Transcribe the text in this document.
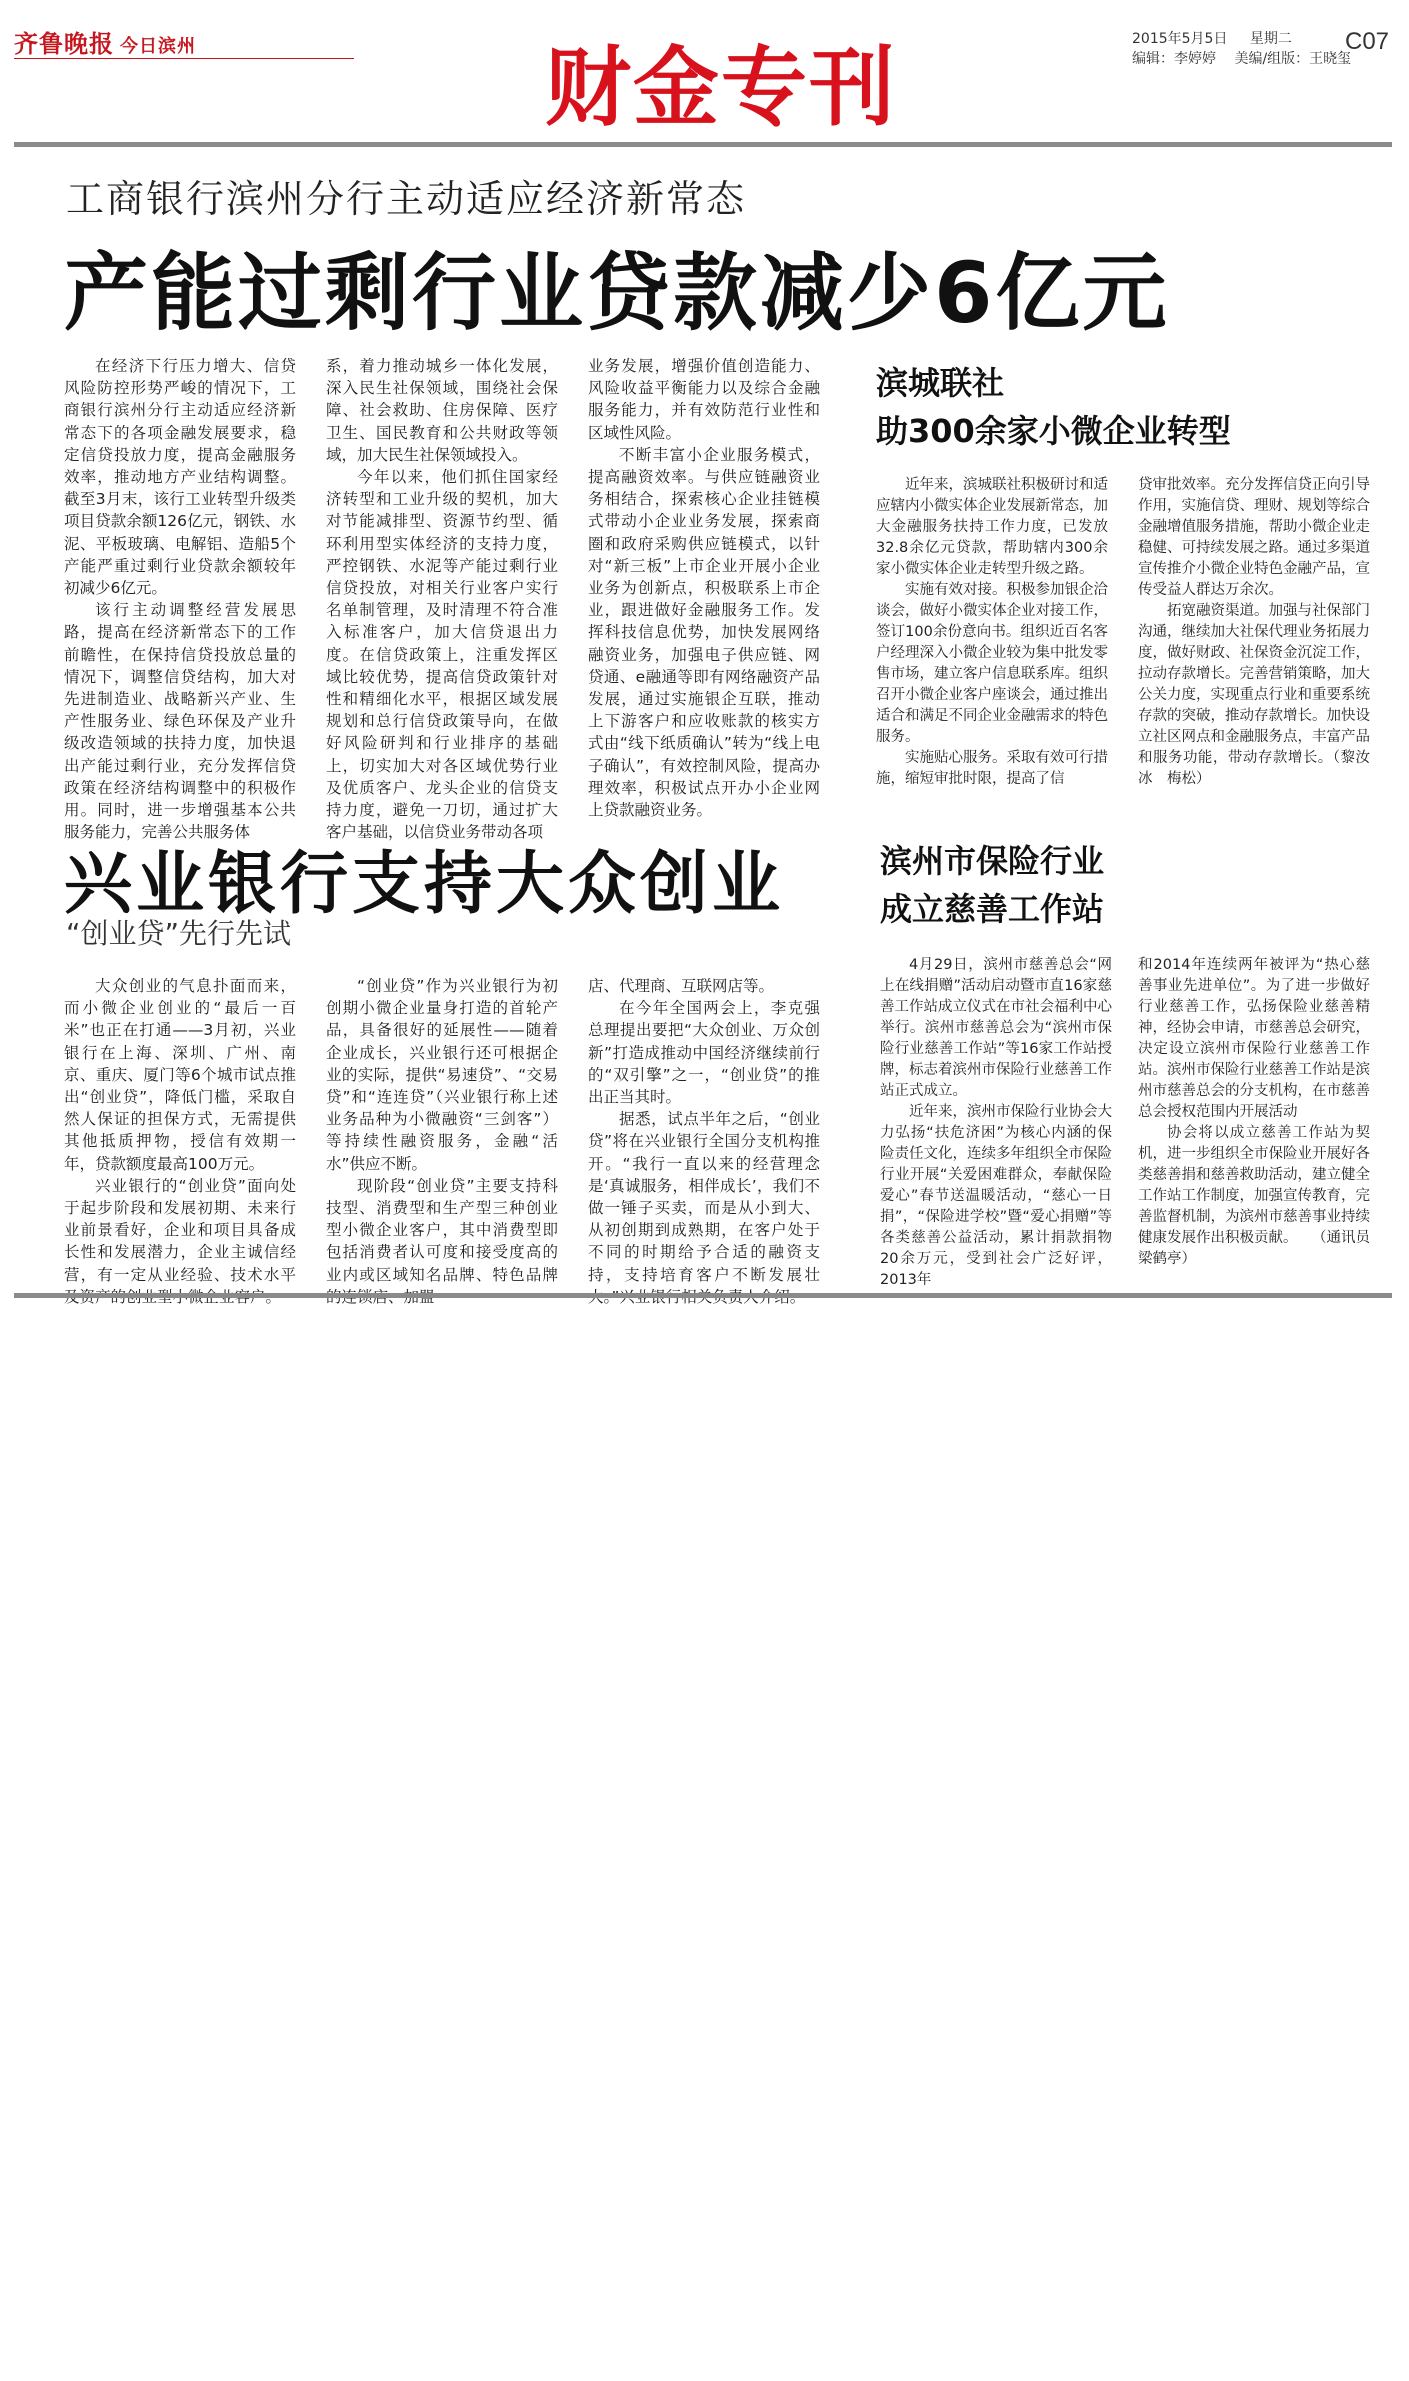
齐鲁晚报 今日滨州	财金专刊	2015年5月5日 星期二 C07
编辑：李婷婷 美编/组版：王晓玺
工商银行滨州分行主动适应经济新常态
产能过剩行业贷款减少6亿元

在经济下行压力增大、信贷风险防控形势严峻的情况下，工商银行滨州分行主动适应经济新常态下的各项金融发展要求，稳定信贷投放力度，提高金融服务效率，推动地方产业结构调整。截至3月末，该行工业转型升级类项目贷款余额126亿元，钢铁、水泥、平板玻璃、电解铝、造船5个产能严重过剩行业贷款余额较年初减少6亿元。

该行主动调整经营发展思路，提高在经济新常态下的工作前瞻性，在保持信贷投放总量的情况下，调整信贷结构，加大对先进制造业、战略新兴产业、生产性服务业、绿色环保及产业升级改造领域的扶持力度，加快退出产能过剩行业，充分发挥信贷政策在经济结构调整中的积极作用。同时，进一步增强基本公共服务能力，完善公共服务体

系，着力推动城乡一体化发展，深入民生社保领域，围绕社会保障、社会救助、住房保障、医疗卫生、国民教育和公共财政等领域，加大民生社保领域投入。

今年以来，他们抓住国家经济转型和工业升级的契机，加大对节能减排型、资源节约型、循环利用型实体经济的支持力度，严控钢铁、水泥等产能过剩行业信贷投放，对相关行业客户实行名单制管理，及时清理不符合准入标准客户，加大信贷退出力度。在信贷政策上，注重发挥区域比较优势，提高信贷政策针对性和精细化水平，根据区域发展规划和总行信贷政策导向，在做好风险研判和行业排序的基础上，切实加大对各区域优势行业及优质客户、龙头企业的信贷支持力度，避免一刀切，通过扩大客户基础，以信贷业务带动各项

业务发展，增强价值创造能力、风险收益平衡能力以及综合金融服务能力，并有效防范行业性和区域性风险。

不断丰富小企业服务模式，提高融资效率。与供应链融资业务相结合，探索核心企业挂链模式带动小企业业务发展，探索商圈和政府采购供应链模式，以针对“新三板”上市企业开展小企业业务为创新点，积极联系上市企业，跟进做好金融服务工作。发挥科技信息优势，加快发展网络融资业务，加强电子供应链、网贷通、e融通等即有网络融资产品发展，通过实施银企互联，推动上下游客户和应收账款的核实方式由“线下纸质确认”转为“线上电子确认”，有效控制风险，提高办理效率，积极试点开办小企业网上贷款融资业务。

滨城联社
助300余家小微企业转型

近年来，滨城联社积极研讨和适应辖内小微实体企业发展新常态，加大金融服务扶持工作力度，已发放32.8余亿元贷款，帮助辖内300余家小微实体企业走转型升级之路。

实施有效对接。积极参加银企洽谈会，做好小微实体企业对接工作，签订100余份意向书。组织近百名客户经理深入小微企业较为集中批发零售市场，建立客户信息联系库。组织召开小微企业客户座谈会，通过推出适合和满足不同企业金融需求的特色服务。

实施贴心服务。采取有效可行措施，缩短审批时限，提高了信

贷审批效率。充分发挥信贷正向引导作用，实施信贷、理财、规划等综合金融增值服务措施，帮助小微企业走稳健、可持续发展之路。通过多渠道宣传推介小微企业特色金融产品，宣传受益人群达万余次。

拓宽融资渠道。加强与社保部门沟通，继续加大社保代理业务拓展力度，做好财政、社保资金沉淀工作，拉动存款增长。完善营销策略，加大公关力度，实现重点行业和重要系统存款的突破，推动存款增长。加快设立社区网点和金融服务点，丰富产品和服务功能，带动存款增长。（黎汝冰　梅松）

兴业银行支持大众创业
“创业贷”先行先试

大众创业的气息扑面而来，而小微企业创业的“最后一百米”也正在打通——3月初，兴业银行在上海、深圳、广州、南京、重庆、厦门等6个城市试点推出“创业贷”，降低门槛，采取自然人保证的担保方式，无需提供其他抵质押物，授信有效期一年，贷款额度最高100万元。

兴业银行的“创业贷”面向处于起步阶段和发展初期、未来行业前景看好，企业和项目具备成长性和发展潜力，企业主诚信经营，有一定从业经验、技术水平

“创业贷”作为兴业银行为初创期小微企业量身打造的首轮产品，具备很好的延展性——随着企业成长，兴业银行还可根据企业的实际，提供“易速贷”、“交易贷”和“连连贷”（兴业银行称上述业务品种为小微融资“三剑客”）等持续性融资服务，金融“活水”供应不断。

现阶段“创业贷”主要支持科技型、消费型和生产型三种创业型小微企业客户，其中消费型即包括消费者认可度和接受度高的业内或区域知名品牌、特色品牌

店、代理商、互联网店等。

在今年全国两会上，李克强总理提出要把“大众创业、万众创新”打造成推动中国经济继续前行的“双引擎”之一，“创业贷”的推出正当其时。

据悉，试点半年之后，“创业贷”将在兴业银行全国分支机构推开。“我行一直以来的经营理念是‘真诚服务，相伴成长’，我们不做一锤子买卖，而是从小到大、从初创期到成熟期，在客户处于不同的时期给予合适的融资支持，支持培育客户不断发展壮

滨州市保险行业
成立慈善工作站

4月29日，滨州市慈善总会“网上在线捐赠”活动启动暨市直16家慈善工作站成立仪式在市社会福利中心举行。滨州市慈善总会为“滨州市保险行业慈善工作站”等16家工作站授牌，标志着滨州市保险行业慈善工作站正式成立。

近年来，滨州市保险行业协会大力弘扬“扶危济困”为核心内涵的保险责任文化，连续多年组织全市保险行业开展“关爱困难群众，奉献保险爱心”春节送温暖活动，“慈心一日捐”，“保险进学校”暨“爱心捐赠”等各类慈善公益活动，累计捐款捐物20余万元，受到社会广泛好评，2013年

和2014年连续两年被评为“热心慈善事业先进单位”。为了进一步做好行业慈善工作，弘扬保险业慈善精神，经协会申请，市慈善总会研究，决定设立滨州市保险行业慈善工作站。滨州市保险行业慈善工作站是滨州市慈善总会的分支机构，在市慈善总会授权范围内开展活动

协会将以成立慈善工作站为契机，进一步组织全市保险业开展好各类慈善捐和慈善救助活动，建立健全工作站工作制度，加强宣传教育，完善监督机制，为滨州市慈善事业持续健康发展作出积极贡献。　　（通讯员　梁鹤亭）
